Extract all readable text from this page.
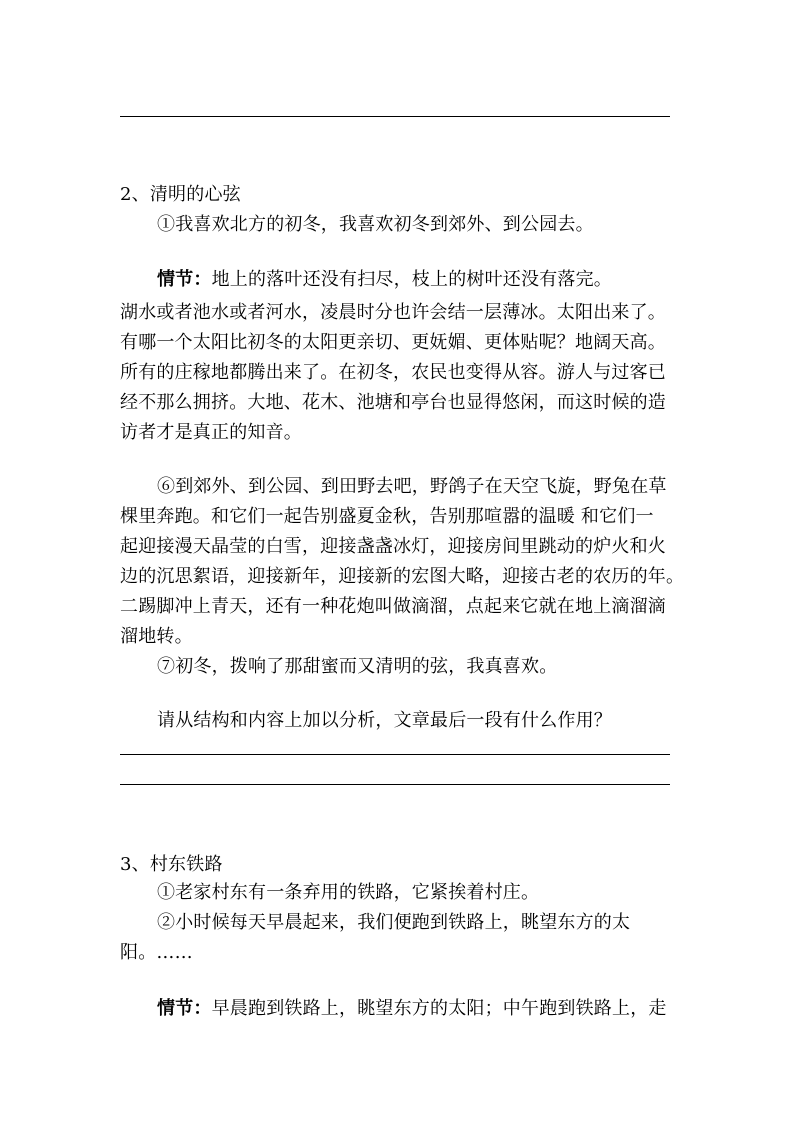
2、清明的心弦
①我喜欢北方的初冬，我喜欢初冬到郊外、到公园去。
情节：地上的落叶还没有扫尽，枝上的树叶还没有落完。
湖水或者池水或者河水，凌晨时分也许会结一层薄冰。太阳出来了。
有哪一个太阳比初冬的太阳更亲切、更妩媚、更体贴呢？地阔天高。
所有的庄稼地都腾出来了。在初冬，农民也变得从容。游人与过客已
经不那么拥挤。大地、花木、池塘和亭台也显得悠闲，而这时候的造
访者才是真正的知音。
⑥到郊外、到公园、到田野去吧，野鸽子在天空飞旋，野兔在草
棵里奔跑。和它们一起告别盛夏金秋，告别那喧嚣的温暖 和它们一
起迎接漫天晶莹的白雪，迎接盏盏冰灯，迎接房间里跳动的炉火和火
边的沉思絮语，迎接新年，迎接新的宏图大略，迎接古老的农历的年。
二踢脚冲上青天，还有一种花炮叫做滴溜，点起来它就在地上滴溜滴
溜地转。
⑦初冬，拨响了那甜蜜而又清明的弦，我真喜欢。
请从结构和内容上加以分析，文章最后一段有什么作用？
3、村东铁路
①老家村东有一条弃用的铁路，它紧挨着村庄。
②小时候每天早晨起来，我们便跑到铁路上，眺望东方的太
阳。……
情节：早晨跑到铁路上，眺望东方的太阳；中午跑到铁路上，走
